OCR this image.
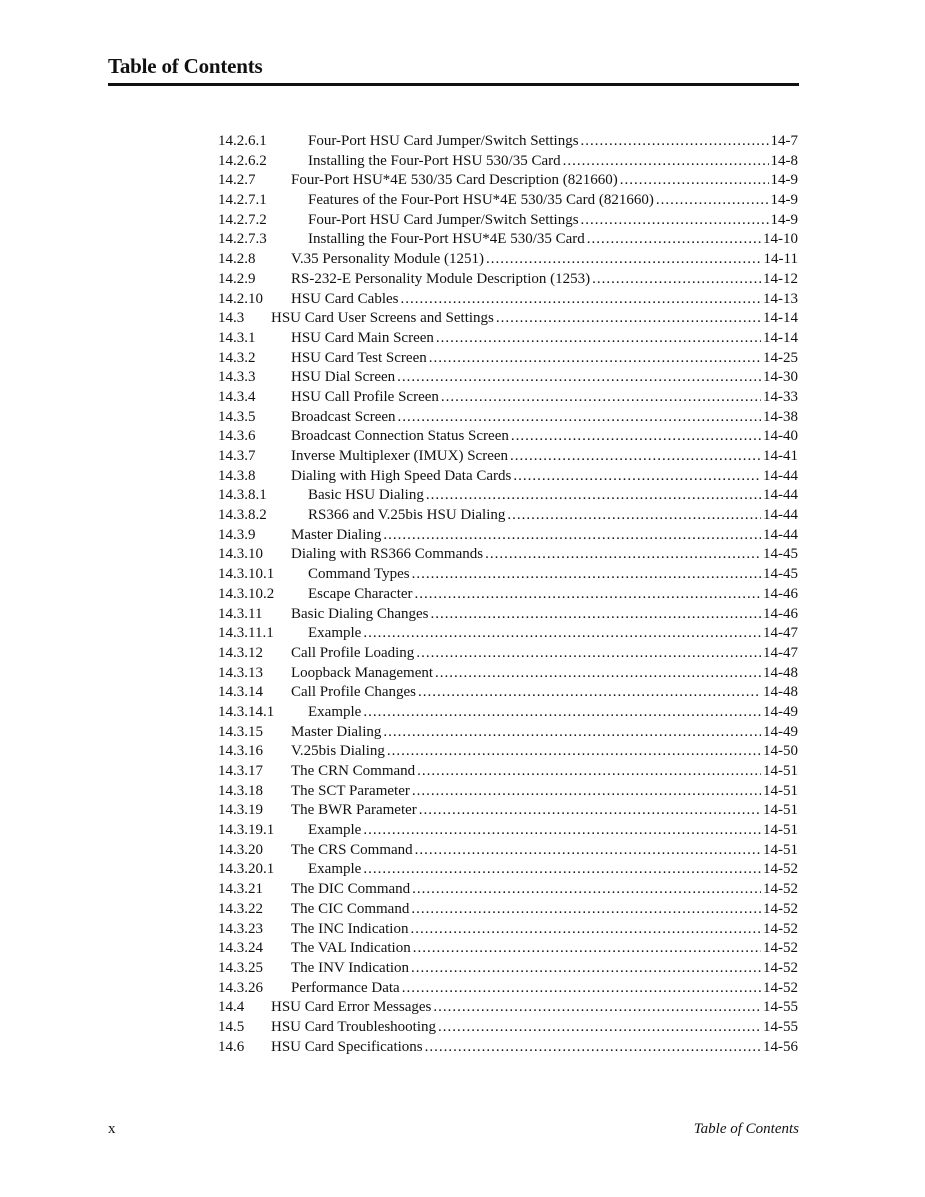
Table of Contents
14.2.6.1	Four-Port HSU Card Jumper/Switch Settings .....	14-7
14.2.6.2	Installing the Four-Port HSU 530/35 Card .....	14-8
14.2.7 Four-Port HSU*4E 530/35 Card Description (821660) .....	14-9
14.2.7.1	Features of the Four-Port HSU*4E 530/35 Card (821660) .....	14-9
14.2.7.2	Four-Port HSU Card Jumper/Switch Settings .....	14-9
14.2.7.3	Installing the Four-Port HSU*4E 530/35 Card .....	14-10
14.2.8 V.35 Personality Module (1251) .....	14-11
14.2.9 RS-232-E Personality Module Description (1253) .....	14-12
14.2.10 HSU Card Cables .....	14-13
14.3 HSU Card User Screens and Settings .....	14-14
14.3.1 HSU Card Main Screen .....	14-14
14.3.2 HSU Card Test Screen .....	14-25
14.3.3 HSU Dial Screen .....	14-30
14.3.4 HSU Call Profile Screen .....	14-33
14.3.5 Broadcast Screen .....	14-38
14.3.6 Broadcast Connection Status Screen .....	14-40
14.3.7 Inverse Multiplexer (IMUX) Screen .....	14-41
14.3.8 Dialing with High Speed Data Cards .....	14-44
14.3.8.1	Basic HSU Dialing .....	14-44
14.3.8.2	RS366 and V.25bis HSU Dialing .....	14-44
14.3.9 Master Dialing .....	14-44
14.3.10 Dialing with RS366 Commands .....	14-45
14.3.10.1 Command Types .....	14-45
14.3.10.2 Escape Character .....	14-46
14.3.11 Basic Dialing Changes .....	14-46
14.3.11.1 Example .....	14-47
14.3.12 Call Profile Loading .....	14-47
14.3.13 Loopback Management .....	14-48
14.3.14 Call Profile Changes .....	14-48
14.3.14.1 Example .....	14-49
14.3.15 Master Dialing .....	14-49
14.3.16 V.25bis Dialing .....	14-50
14.3.17 The CRN Command .....	14-51
14.3.18 The SCT Parameter .....	14-51
14.3.19 The BWR Parameter .....	14-51
14.3.19.1 Example .....	14-51
14.3.20 The CRS Command .....	14-51
14.3.20.1 Example .....	14-52
14.3.21 The DIC Command .....	14-52
14.3.22 The CIC Command .....	14-52
14.3.23 The INC Indication .....	14-52
14.3.24 The VAL Indication .....	14-52
14.3.25 The INV Indication .....	14-52
14.3.26 Performance Data .....	14-52
14.4 HSU Card Error Messages .....	14-55
14.5 HSU Card Troubleshooting .....	14-55
14.6 HSU Card Specifications .....	14-56
x	Table of Contents
